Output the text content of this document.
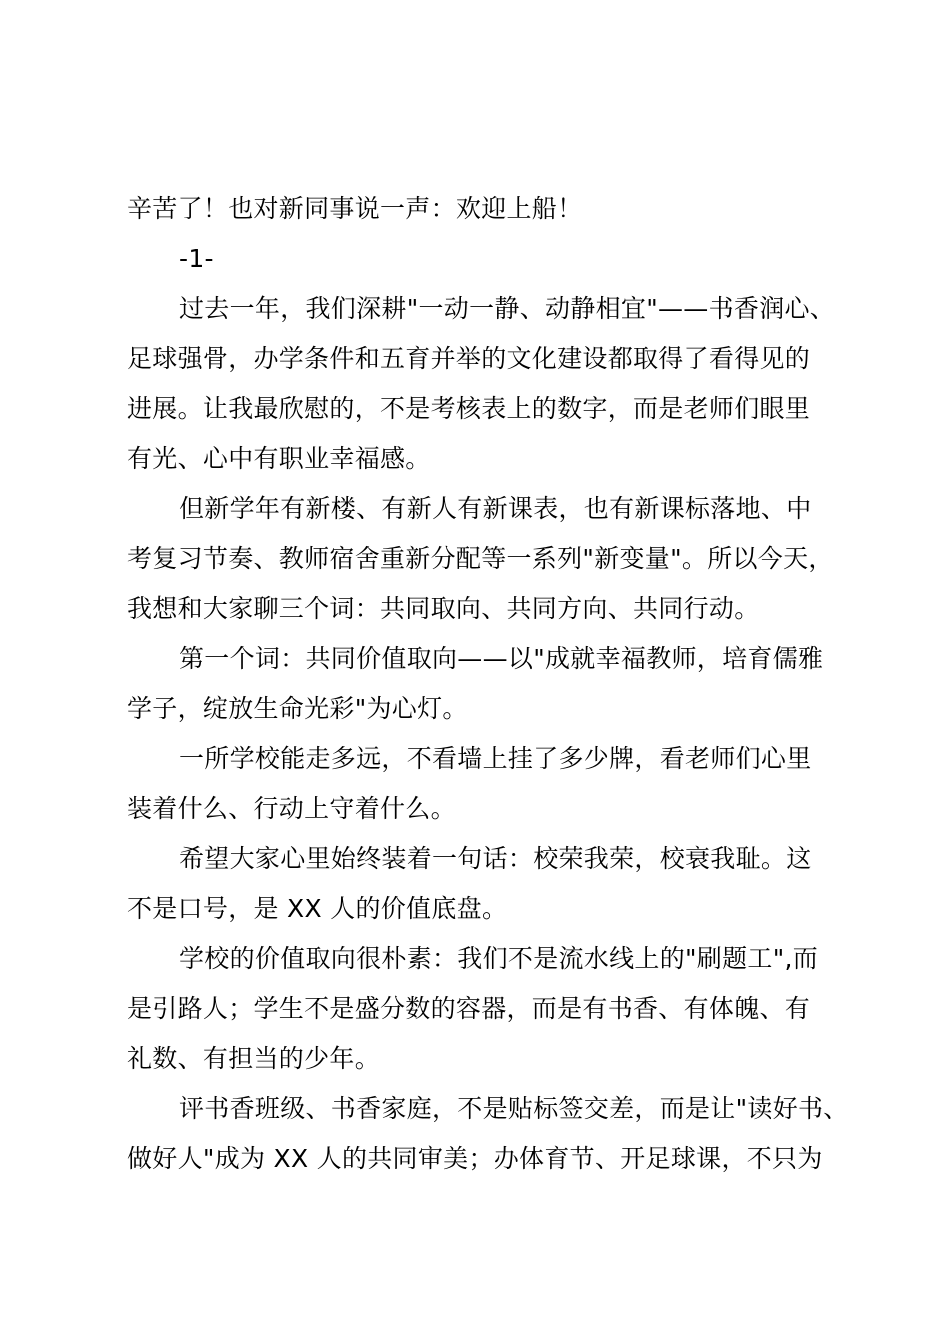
辛苦了！也对新同事说一声：欢迎上船！
-1-
过去一年，我们深耕"一动一静、动静相宜"——书香润心、
足球强骨，办学条件和五育并举的文化建设都取得了看得见的
进展。让我最欣慰的，不是考核表上的数字，而是老师们眼里
有光、心中有职业幸福感。
但新学年有新楼、有新人有新课表，也有新课标落地、中
考复习节奏、教师宿舍重新分配等一系列"新变量"。所以今天，
我想和大家聊三个词：共同取向、共同方向、共同行动。
第一个词：共同价值取向——以"成就幸福教师，培育儒雅
学子，绽放生命光彩"为心灯。
一所学校能走多远，不看墙上挂了多少牌，看老师们心里
装着什么、行动上守着什么。
希望大家心里始终装着一句话：校荣我荣，校衰我耻。这
不是口号，是 XX 人的价值底盘。
学校的价值取向很朴素：我们不是流水线上的"刷题工",而
是引路人；学生不是盛分数的容器，而是有书香、有体魄、有
礼数、有担当的少年。
评书香班级、书香家庭，不是贴标签交差，而是让"读好书、
做好人"成为 XX 人的共同审美；办体育节、开足球课，不只为
